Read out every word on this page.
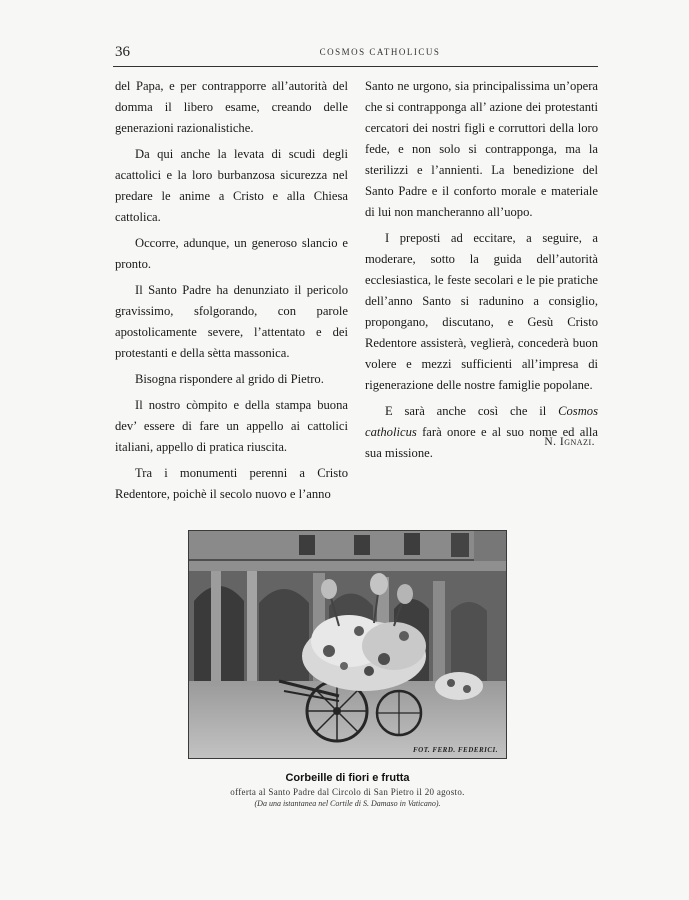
36	COSMOS CATHOLICUS

del Papa, e per contrapporre all’autorità del domma il libero esame, creando delle generazioni razionalistiche.

Da qui anche la levata di scudi degli acattolici e la loro burbanzosa sicurezza nel predare le anime a Cristo e alla Chiesa cattolica.

Occorre, adunque, un generoso slancio e pronto.

Il Santo Padre ha denunziato il pericolo gravissimo, sfolgorando, con parole apostolicamente severe, l’attentato e dei protestanti e della sètta massonica.

Bisogna rispondere al grido di Pietro.

Il nostro còmpito e della stampa buona dev’ essere di fare un appello ai cattolici italiani, appello di pratica riuscita.

Tra i monumenti perenni a Cristo Redentore, poichè il secolo nuovo e l’anno

Santo ne urgono, sia principalissima un’opera che si contrapponga all’ azione dei protestanti cercatori dei nostri figli e corruttori della loro fede, e non solo si contrapponga, ma la sterilizzi e l’annienti. La benedizione del Santo Padre e il conforto morale e materiale di lui non mancheranno all’uopo.

I preposti ad eccitare, a seguire, a moderare, sotto la guida dell’autorità ecclesiastica, le feste secolari e le pie pratiche dell’anno Santo si radunino a consiglio, propongano, discutano, e Gesù Cristo Redentore assisterà, veglierà, concederà buon volere e mezzi sufficienti all’impresa di rigenerazione delle nostre famiglie popolane.

E sarà anche così che il Cosmos catholicus farà onore e al suo nome ed alla sua missione.

N. Ignazi.
FOT. FERD. FEDERICI.
Corbeille di fiori e frutta
offerta al Santo Padre dal Circolo di San Pietro il 20 agosto.
(Da una istantanea nel Cortile di S. Damaso in Vaticano).
